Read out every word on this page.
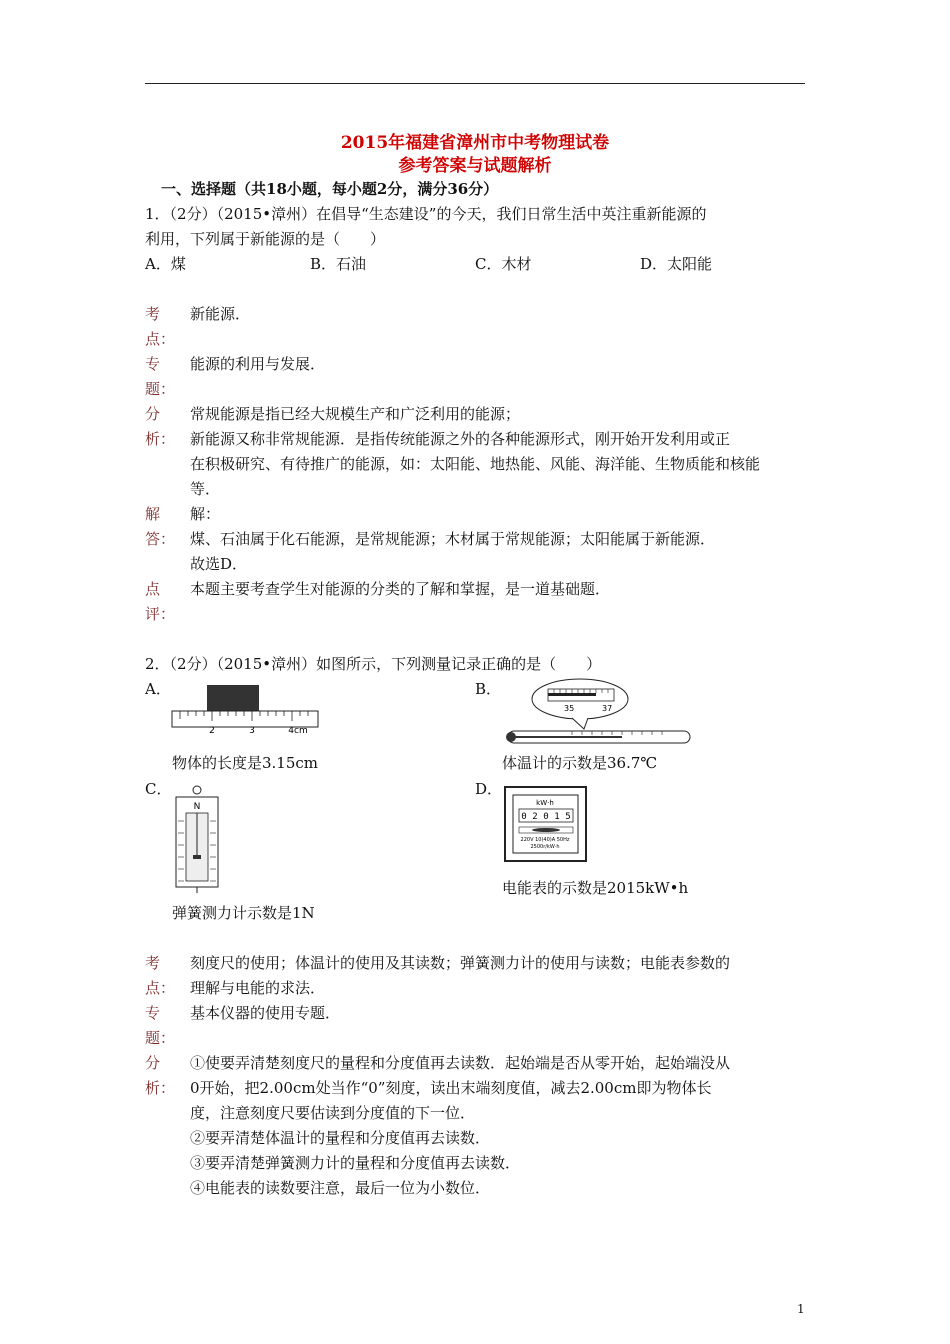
2015年福建省漳州市中考物理试卷
参考答案与试题解析
一、选择题（共18小题，每小题2分，满分36分）
1．（2分）（2015•漳州）在倡导“生态建设”的今天，我们日常生活中英注重新能源的
利用，下列属于新能源的是（　　）
A．煤	B．石油	C．木材	D．太阳能
考
点：
新能源．
专
题：
能源的利用与发展．
分
析：
常规能源是指已经大规模生产和广泛利用的能源；
新能源又称非常规能源．是指传统能源之外的各种能源形式，刚开始开发利用或正
在积极研究、有待推广的能源，如：太阳能、地热能、风能、海洋能、生物质能和核能
等．
解
答：
解：
煤、石油属于化石能源，是常规能源；木材属于常规能源；太阳能属于新能源．
故选D．
点
评：
本题主要考查学生对能源的分类的了解和掌握，是一道基础题．
2．（2分）（2015•漳州）如图所示，下列测量记录正确的是（　　）
A．	B．
2	3	4cm
35	37
物体的长度是3.15cm	体温计的示数是36.7℃
C．	D．
N	kW·h
0 2 0 1 5
220V 10(40)A 50Hz
2500r/kW·h
电能表的示数是2015kW•h
弹簧测力计示数是1N
考
点：
刻度尺的使用；体温计的使用及其读数；弹簧测力计的使用与读数；电能表参数的
理解与电能的求法．
专
题：
基本仪器的使用专题．
分
析：
①使要弄清楚刻度尺的量程和分度值再去读数．起始端是否从零开始，起始端没从
0开始，把2.00cm处当作“0”刻度，读出末端刻度值，减去2.00cm即为物体长
度，注意刻度尺要估读到分度值的下一位．
②要弄清楚体温计的量程和分度值再去读数．
③要弄清楚弹簧测力计的量程和分度值再去读数．
④电能表的读数要注意，最后一位为小数位．
1
